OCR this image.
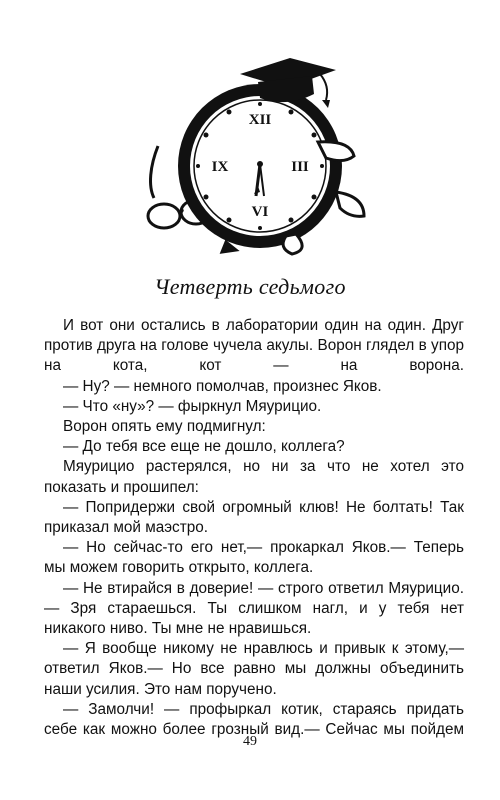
XII
IX	III
VI
Четверть седьмого

И вот они остались в лаборатории один на один. Друг против друга на голове чучела акулы. Ворон глядел в упор на кота, кот — на ворона.

— Ну? — немного помолчав, произнес Яков.

— Что «ну»? — фыркнул Мяурицио.

Ворон опять ему подмигнул:

— До тебя все еще не дошло, коллега?

Мяурицио растерялся, но ни за что не хотел это показать и прошипел:

— Попридержи свой огромный клюв! Не болтать! Так приказал мой маэстро.

— Но сейчас-то его нет,— прокаркал Яков.— Теперь мы можем говорить открыто, коллега.

— Не втирайся в доверие! — строго ответил Мяурицио.— Зря стараешься. Ты слишком нагл, и у тебя нет никакого ниво. Ты мне не нравишься.

— Я вообще никому не нравлюсь и привык к этому,— ответил Яков.— Но все равно мы должны объединить наши усилия. Это нам поручено.

— Замолчи! — профыркал котик, стараясь придать себе как можно более грозный вид.— Сейчас мы пойдем

49
